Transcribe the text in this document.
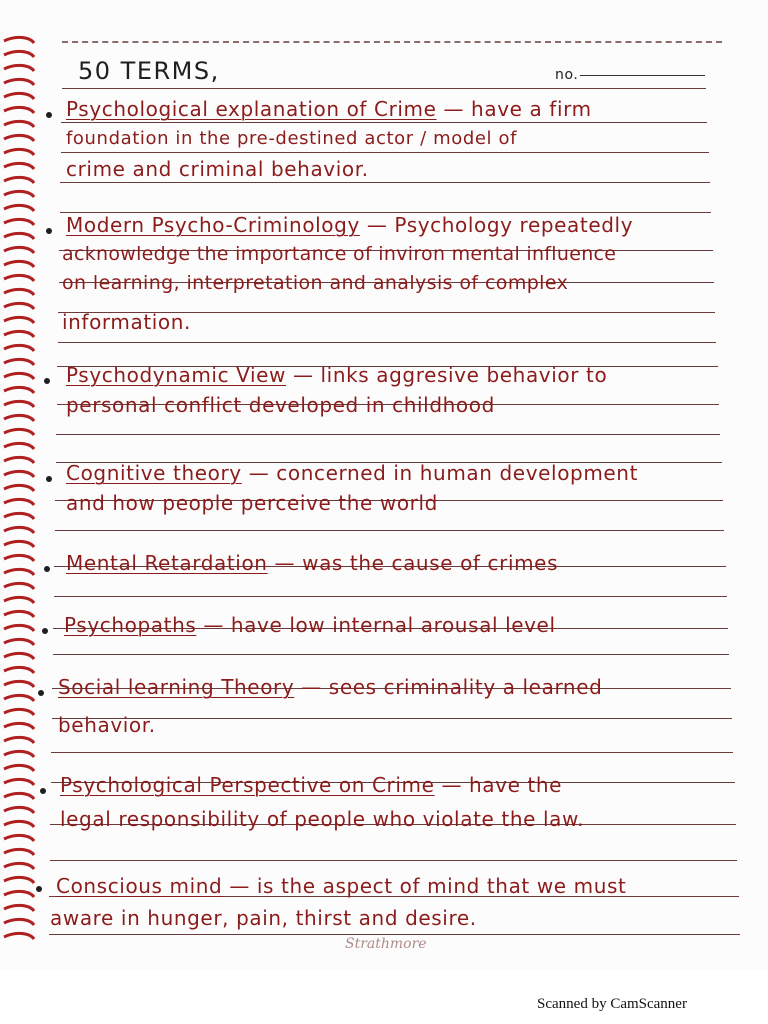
50 TERMS,	no.
Psychological explanation of Crime — have a firm
foundation in the pre-destined actor / model of
crime and criminal behavior.
Modern Psycho-Criminology — Psychology repeatedly
acknowledge the importance of inviron mental influence
on learning, interpretation and analysis of complex
information.
Psychodynamic View — links aggresive behavior to
personal conflict developed in childhood
Cognitive theory — concerned in human development
and how people perceive the world
Mental Retardation — was the cause of crimes
Psychopaths — have low internal arousal level
Social learning Theory — sees criminality a learned
behavior.
Psychological Perspective on Crime — have the
legal responsibility of people who violate the law.
Conscious mind — is the aspect of mind that we must
aware in hunger, pain, thirst and desire.
Strathmore
Scanned by CamScanner
